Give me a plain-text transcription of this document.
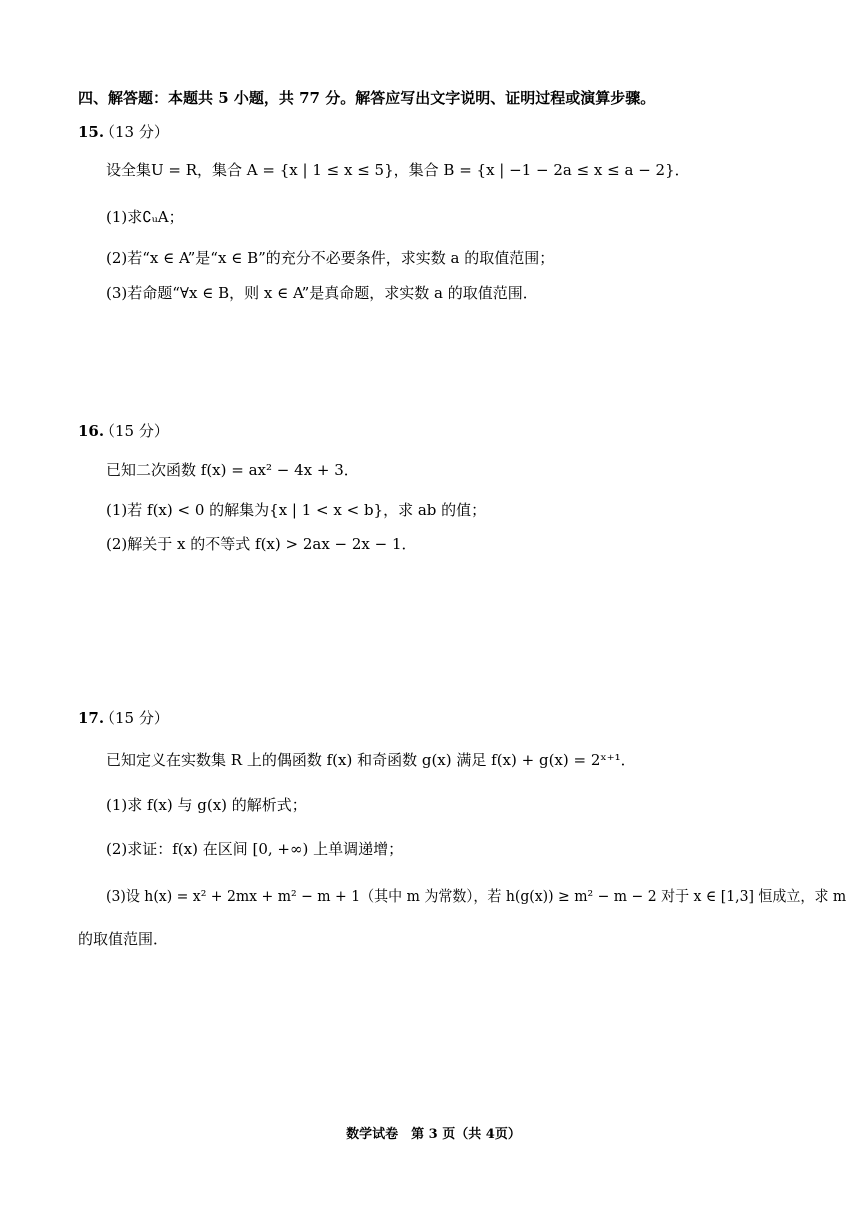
四、解答题：本题共 5 小题，共 77 分。解答应写出文字说明、证明过程或演算步骤。
15.
（13 分）
设全集U = R，集合 A = {x | 1 ≤ x ≤ 5}，集合 B = {x | −1 − 2a ≤ x ≤ a − 2}．
(1)求∁ᵤA；
(2)若“x ∈ A”是“x ∈ B”的充分不必要条件，求实数 a 的取值范围；
(3)若命题“∀x ∈ B，则 x ∈ A”是真命题，求实数 a 的取值范围．
16.
（15 分）
已知二次函数 f(x) = ax² − 4x + 3．
(1)若 f(x) < 0 的解集为{x | 1 < x < b}，求 ab 的值；
(2)解关于 x 的不等式 f(x) > 2ax − 2x − 1．
17.
（15 分）
已知定义在实数集 R 上的偶函数 f(x) 和奇函数 g(x) 满足 f(x) + g(x) = 2ˣ⁺¹．
(1)求 f(x) 与 g(x) 的解析式；
(2)求证：f(x) 在区间 [0, +∞) 上单调递增；
(3)设 h(x) = x² + 2mx + m² − m + 1（其中 m 为常数），若 h(g(x)) ≥ m² − m − 2 对于 x ∈ [1,3] 恒成立，求 m
的取值范围．
数学试卷　第 3 页（共 4页）
